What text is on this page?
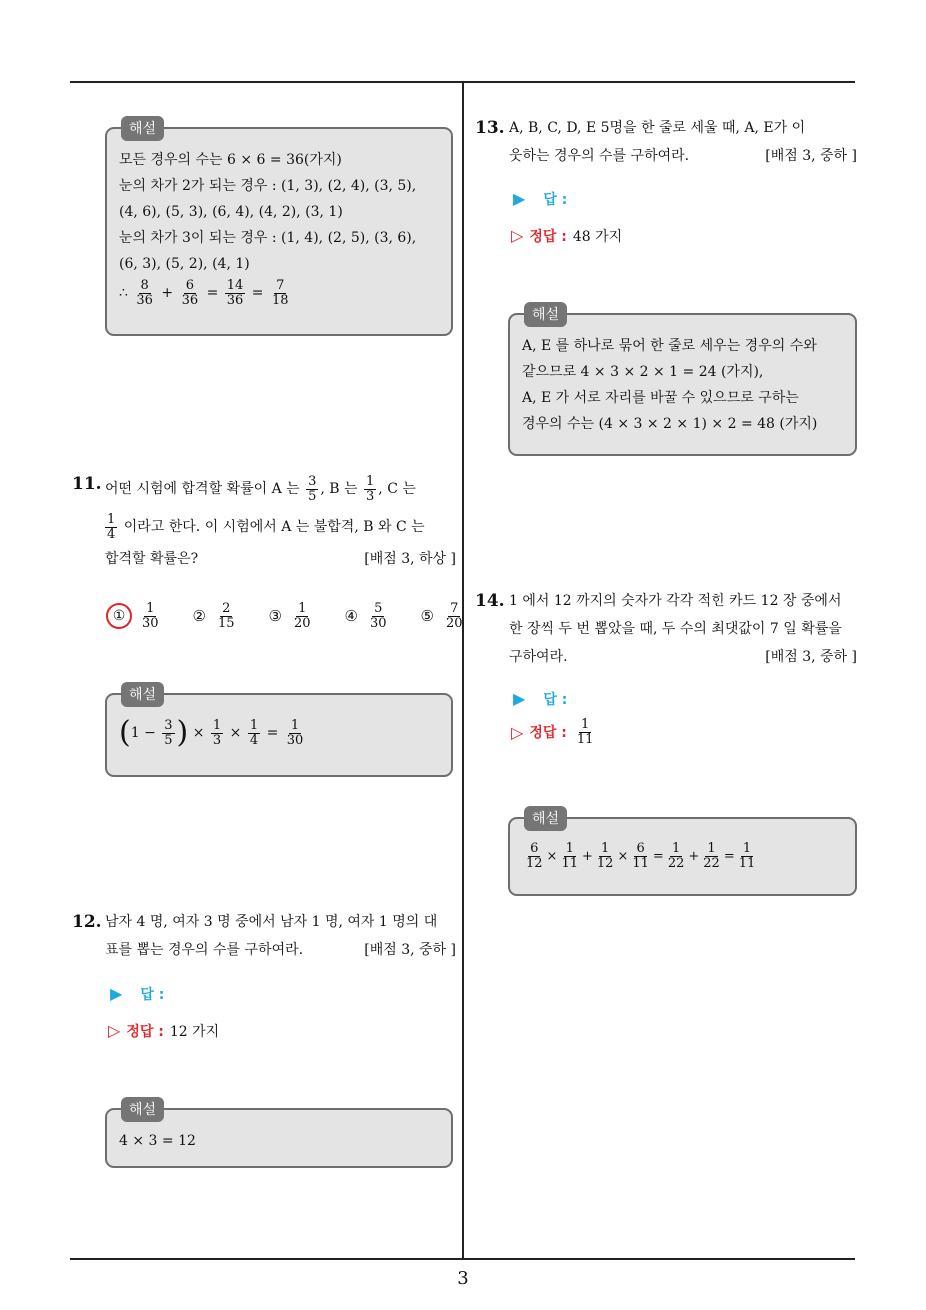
3
해설
모든 경우의 수는 6 × 6 = 36(가지)
눈의 차가 2가 되는 경우 : (1, 3), (2, 4), (3, 5),
(4, 6), (5, 3), (6, 4), (4, 2), (3, 1)
눈의 차가 3이 되는 경우 : (1, 4), (2, 5), (3, 6),
(6, 3), (5, 2), (4, 1)
∴ $\frac{8}{36} + \frac{6}{36} = \frac{14}{36} = \frac{7}{18}$
11. 어떤 시험에 합격할 확률이 A 는 $\frac{3}{5}$ , B 는 $\frac{1}{3}$ , C 는
$\frac{1}{4}$ 이라고 한다. 이 시험에서 A 는 불합격, B 와 C 는
합격할 확률은?	[배점 3, 하상 ]
①	$\frac{1}{30}$ ② $\frac{2}{15}$ ③ $\frac{1}{20}$ ④ $\frac{5}{30}$ ⑤ $\frac{7}{20}$
해설
($1 - \frac{3}{5}$ ) × $\frac{1}{3} \times \frac{1}{4} = \frac{1}{30}$
12. 남자 4 명, 여자 3 명 중에서 남자 1 명, 여자 1 명의 대
표를 뽑는 경우의 수를 구하여라.	[배점 3, 중하 ]
▶ 답 :
▷ 정답 : 12 가지
해설
4 × 3 = 12
13. A, B, C, D, E 5명을 한 줄로 세울 때, A, E가 이
웃하는 경우의 수를 구하여라.	[배점 3, 중하 ]
▶ 답 :
▷ 정답 : 48 가지
해설
A, E 를 하나로 묶어 한 줄로 세우는 경우의 수와
같으므로 4 × 3 × 2 × 1 = 24 (가지),
A, E 가 서로 자리를 바꿀 수 있으므로 구하는
경우의 수는 (4 × 3 × 2 × 1) × 2 = 48 (가지)
14. 1 에서 12 까지의 숫자가 각각 적힌 카드 12 장 중에서
한 장씩 두 번 뽑았을 때, 두 수의 최댓값이 7 일 확률을
구하여라.	[배점 3, 중하 ]
▶ 답 :
▷ 정답 : $\frac{1}{11}$
해설
$\frac{6}{12} \times \frac{1}{11} + \frac{1}{12} \times \frac{6}{11} = \frac{1}{22} + \frac{1}{22} = \frac{1}{11}$
